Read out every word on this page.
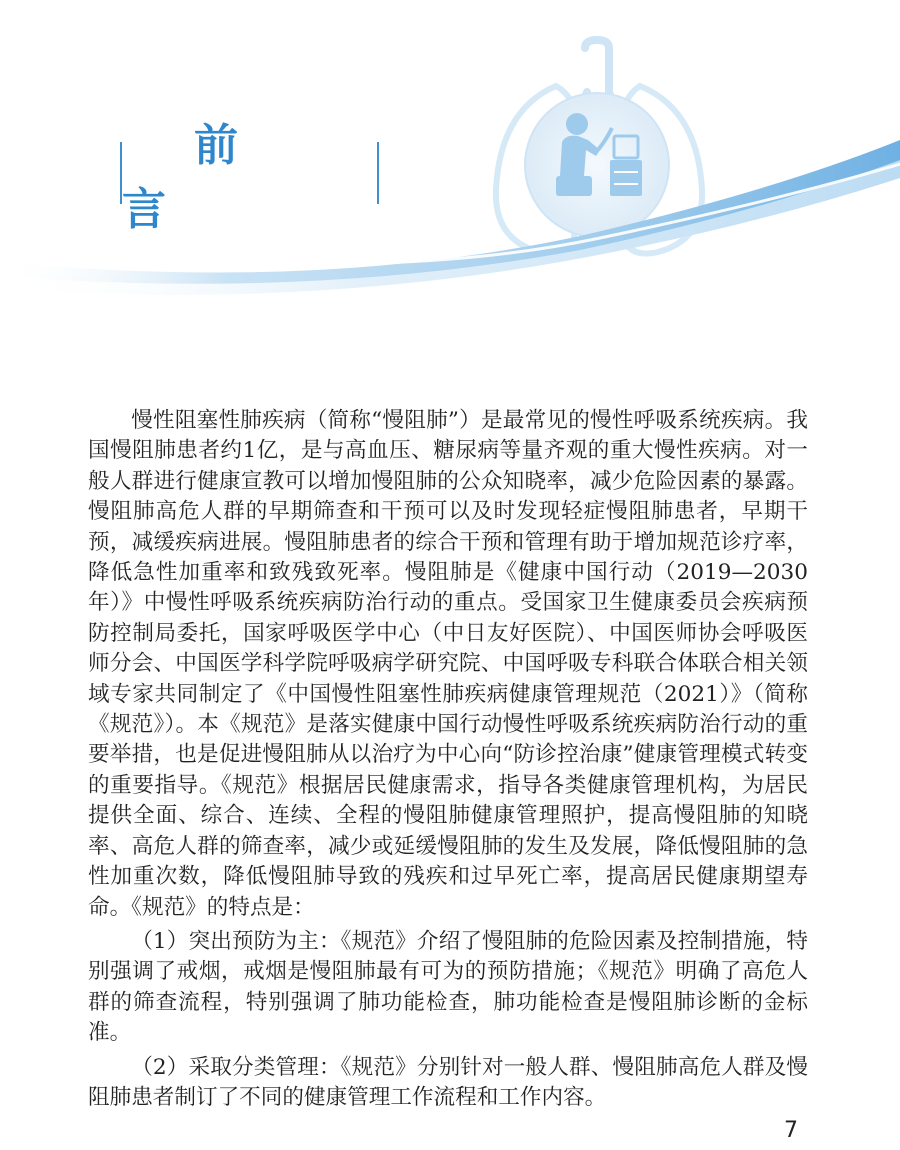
前 言

慢性阻塞性肺疾病（简称“慢阻肺”）是最常见的慢性呼吸系统疾病。我国慢阻肺患者约1亿，是与高血压、糖尿病等量齐观的重大慢性疾病。对一般人群进行健康宣教可以增加慢阻肺的公众知晓率，减少危险因素的暴露。慢阻肺高危人群的早期筛查和干预可以及时发现轻症慢阻肺患者，早期干预，减缓疾病进展。慢阻肺患者的综合干预和管理有助于增加规范诊疗率，降低急性加重率和致残致死率。慢阻肺是《健康中国行动（2019—2030年）》中慢性呼吸系统疾病防治行动的重点。受国家卫生健康委员会疾病预防控制局委托，国家呼吸医学中心（中日友好医院）、中国医师协会呼吸医师分会、中国医学科学院呼吸病学研究院、中国呼吸专科联合体联合相关领域专家共同制定了《中国慢性阻塞性肺疾病健康管理规范（2021）》（简称《规范》）。本《规范》是落实健康中国行动慢性呼吸系统疾病防治行动的重要举措，也是促进慢阻肺从以治疗为中心向“防诊控治康”健康管理模式转变的重要指导。《规范》根据居民健康需求，指导各类健康管理机构，为居民提供全面、综合、连续、全程的慢阻肺健康管理照护，提高慢阻肺的知晓率、高危人群的筛查率，减少或延缓慢阻肺的发生及发展，降低慢阻肺的急性加重次数，降低慢阻肺导致的残疾和过早死亡率，提高居民健康期望寿命。《规范》的特点是：

（1）突出预防为主：《规范》介绍了慢阻肺的危险因素及控制措施，特别强调了戒烟，戒烟是慢阻肺最有可为的预防措施；《规范》明确了高危人群的筛查流程，特别强调了肺功能检查，肺功能检查是慢阻肺诊断的金标准。

（2）采取分类管理：《规范》分别针对一般人群、慢阻肺高危人群及慢阻肺患者制订了不同的健康管理工作流程和工作内容。

7
